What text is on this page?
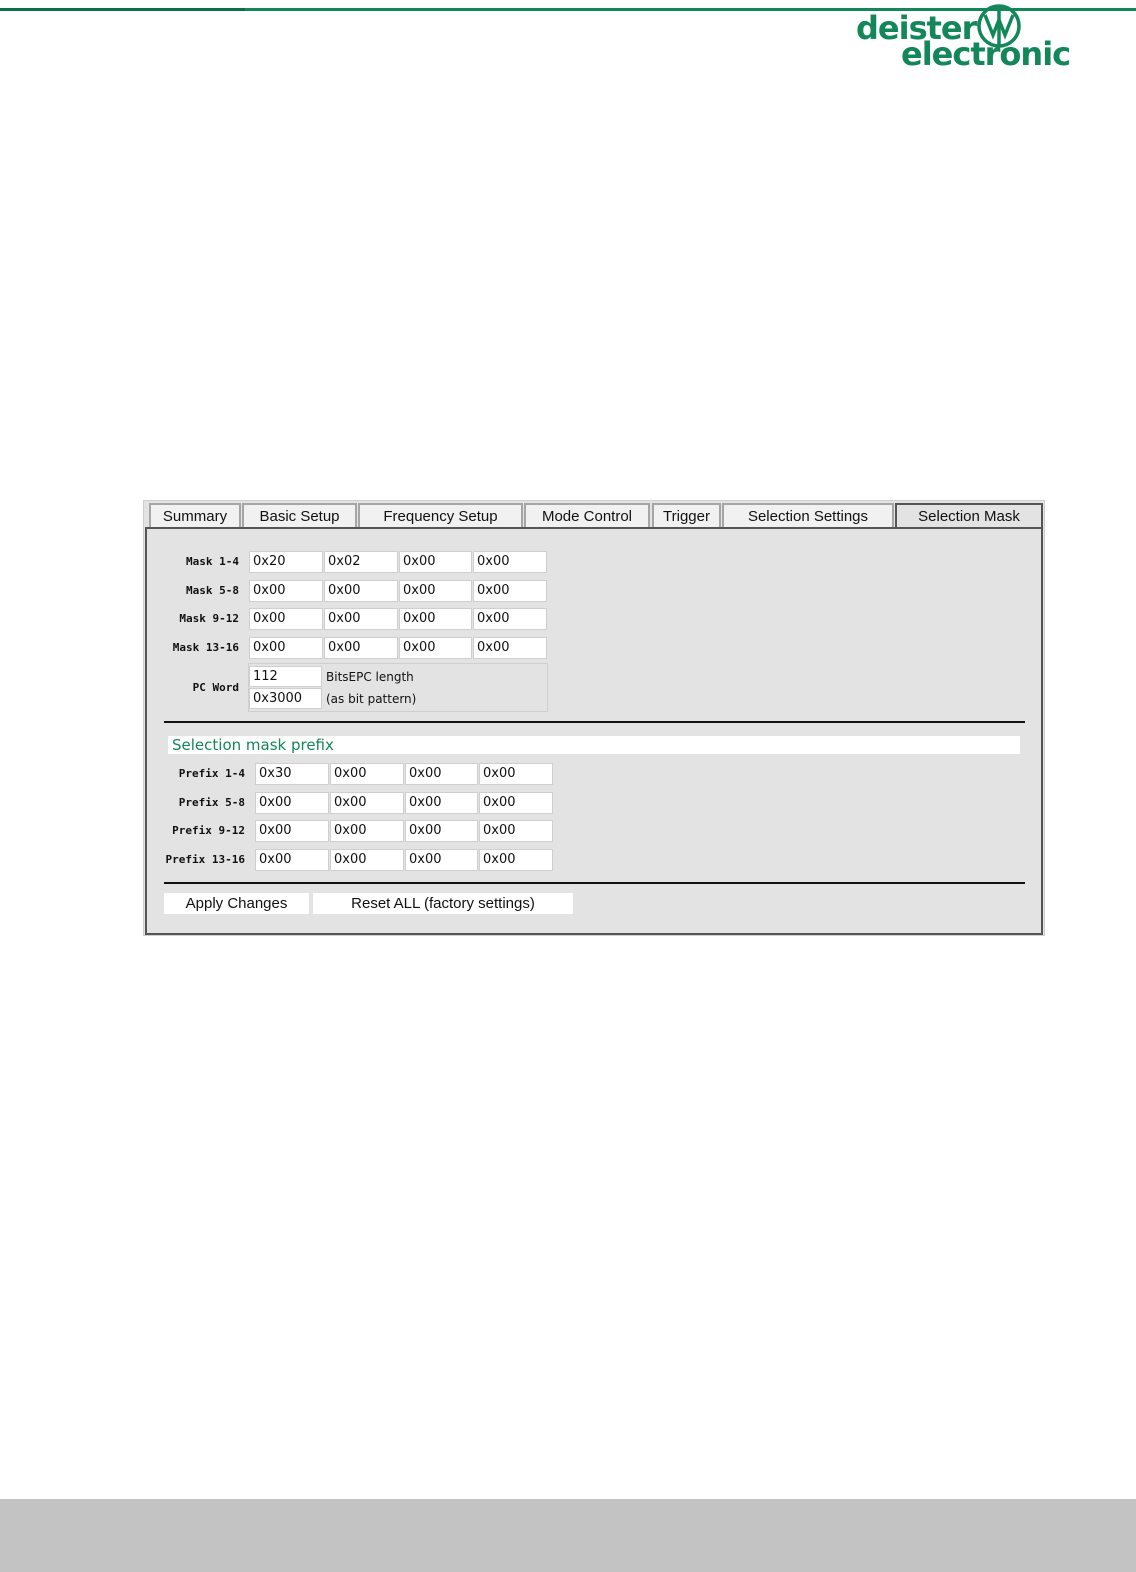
deister
electronic
Summary	Basic Setup	Frequency Setup	Mode Control	Trigger	Selection Settings	Selection Mask
Mask 1-4	0x20	0x02	0x00	0x00
Mask 5-8	0x00	0x00	0x00	0x00
Mask 9-12	0x00	0x00	0x00	0x00
Mask 13-16	0x00	0x00	0x00	0x00
PC Word
112	BitsEPC length
0x3000	(as bit pattern)
Selection mask prefix
Prefix 1-4	0x30	0x00	0x00	0x00
Prefix 5-8	0x00	0x00	0x00	0x00
Prefix 9-12	0x00	0x00	0x00	0x00
Prefix 13-16	0x00	0x00	0x00	0x00
Apply Changes	Reset ALL (factory settings)
